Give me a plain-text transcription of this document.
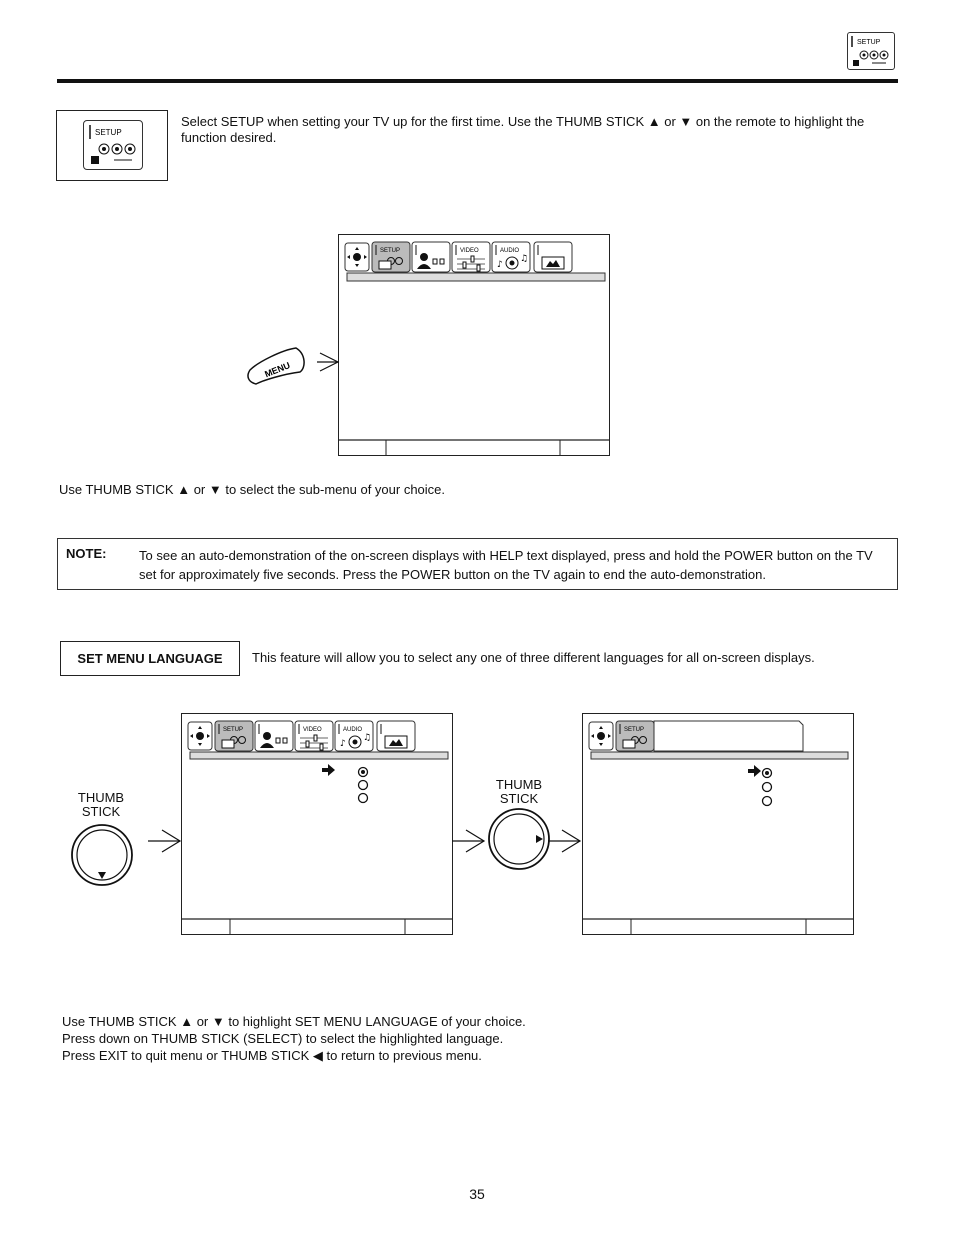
SETUP
SETUP
Select SETUP when setting your TV up for the first time. Use the THUMB STICK ▲ or ▼ on the remote to highlight the function desired.
SETUP	VIDEO	AUDIO
♪
♫
MENU
Use THUMB STICK ▲ or ▼ to select the sub-menu of your choice.
NOTE:	To see an auto-demonstration of the on-screen displays with HELP text displayed, press and hold the POWER button on the TV set for approximately five seconds. Press the POWER button on the TV again to end the auto-demonstration.
SET MENU LANGUAGE	This feature will allow you to select any one of three different languages for all on-screen displays.
THUMB
STICK
SETUP	VIDEO	AUDIO
♪
♫
THUMB
STICK
SETUP
Use THUMB STICK ▲ or ▼ to highlight SET MENU LANGUAGE of your choice.
Press down on THUMB STICK (SELECT) to select the highlighted language.
Press EXIT to quit menu or THUMB STICK ◀ to return to previous menu.
35
